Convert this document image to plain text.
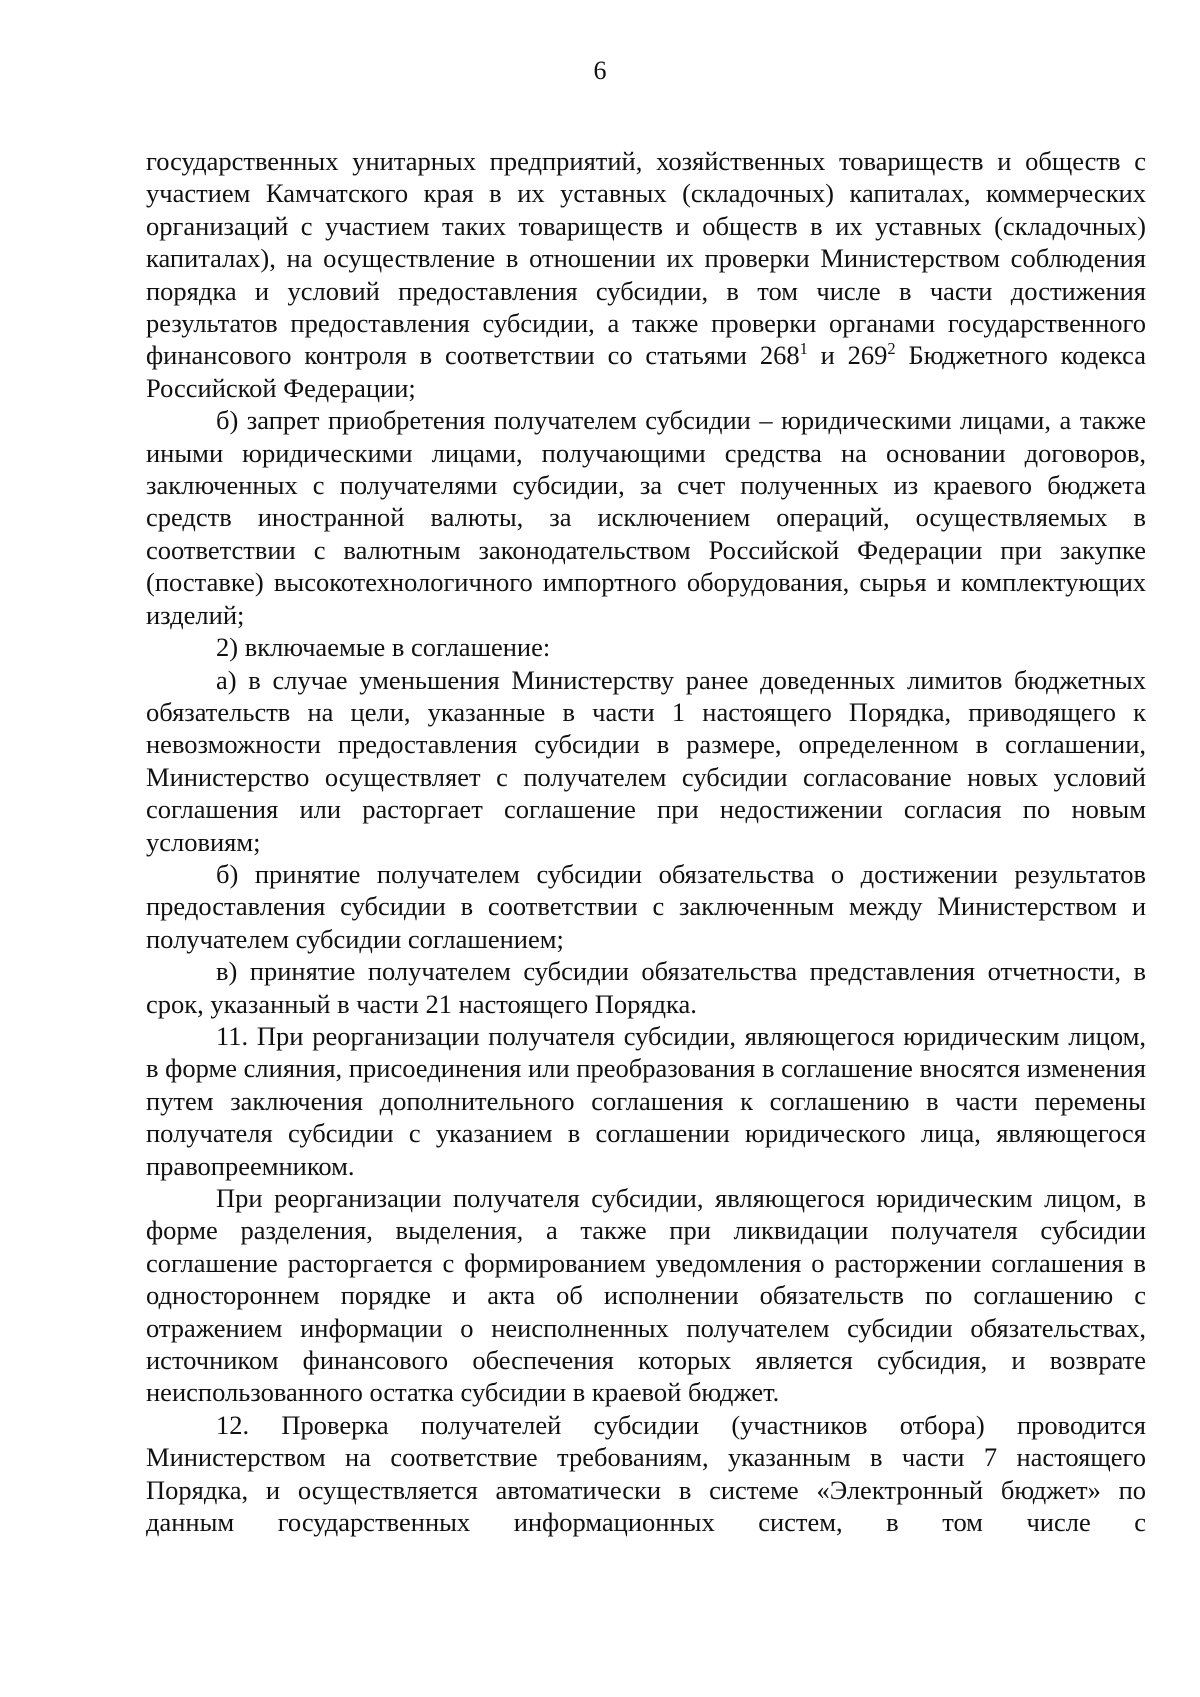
6

государственных унитарных предприятий, хозяйственных товариществ и обществ с участием Камчатского края в их уставных (складочных) капиталах, коммерческих организаций с участием таких товариществ и обществ в их уставных (складочных) капиталах), на осуществление в отношении их проверки Министерством соблюдения порядка и условий предоставления субсидии, в том числе в части достижения результатов предоставления субсидии, а также проверки органами государственного финансового контроля в соответствии со статьями $268^1$ и $269^2$ Бюджетного кодекса Российской Федерации;

б) запрет приобретения получателем субсидии – юридическими лицами, а также иными юридическими лицами, получающими средства на основании договоров, заключенных с получателями субсидии, за счет полученных из краевого бюджета средств иностранной валюты, за исключением операций, осуществляемых в соответствии с валютным законодательством Российской Федерации при закупке (поставке) высокотехнологичного импортного оборудования, сырья и комплектующих изделий;

2) включаемые в соглашение:

а) в случае уменьшения Министерству ранее доведенных лимитов бюджетных обязательств на цели, указанные в части 1 настоящего Порядка, приводящего к невозможности предоставления субсидии в размере, определенном в соглашении, Министерство осуществляет с получателем субсидии согласование новых условий соглашения или расторгает соглашение при недостижении согласия по новым условиям;

б) принятие получателем субсидии обязательства о достижении результатов предоставления субсидии в соответствии с заключенным между Министерством и получателем субсидии соглашением;

в) принятие получателем субсидии обязательства представления отчетности, в срок, указанный в части 21 настоящего Порядка.

11. При реорганизации получателя субсидии, являющегося юридическим лицом, в форме слияния, присоединения или преобразования в соглашение вносятся изменения путем заключения дополнительного соглашения к соглашению в части перемены получателя субсидии с указанием в соглашении юридического лица, являющегося правопреемником.

При реорганизации получателя субсидии, являющегося юридическим лицом, в форме разделения, выделения, а также при ликвидации получателя субсидии соглашение расторгается с формированием уведомления о расторжении соглашения в одностороннем порядке и акта об исполнении обязательств по соглашению с отражением информации о неисполненных получателем субсидии обязательствах, источником финансового обеспечения которых является субсидия, и возврате неиспользованного остатка субсидии в краевой бюджет.

12. Проверка получателей субсидии (участников отбора) проводится Министерством на соответствие требованиям, указанным в части 7 настоящего Порядка, и осуществляется автоматически в системе «Электронный бюджет» по данным государственных информационных систем, в том числе с
